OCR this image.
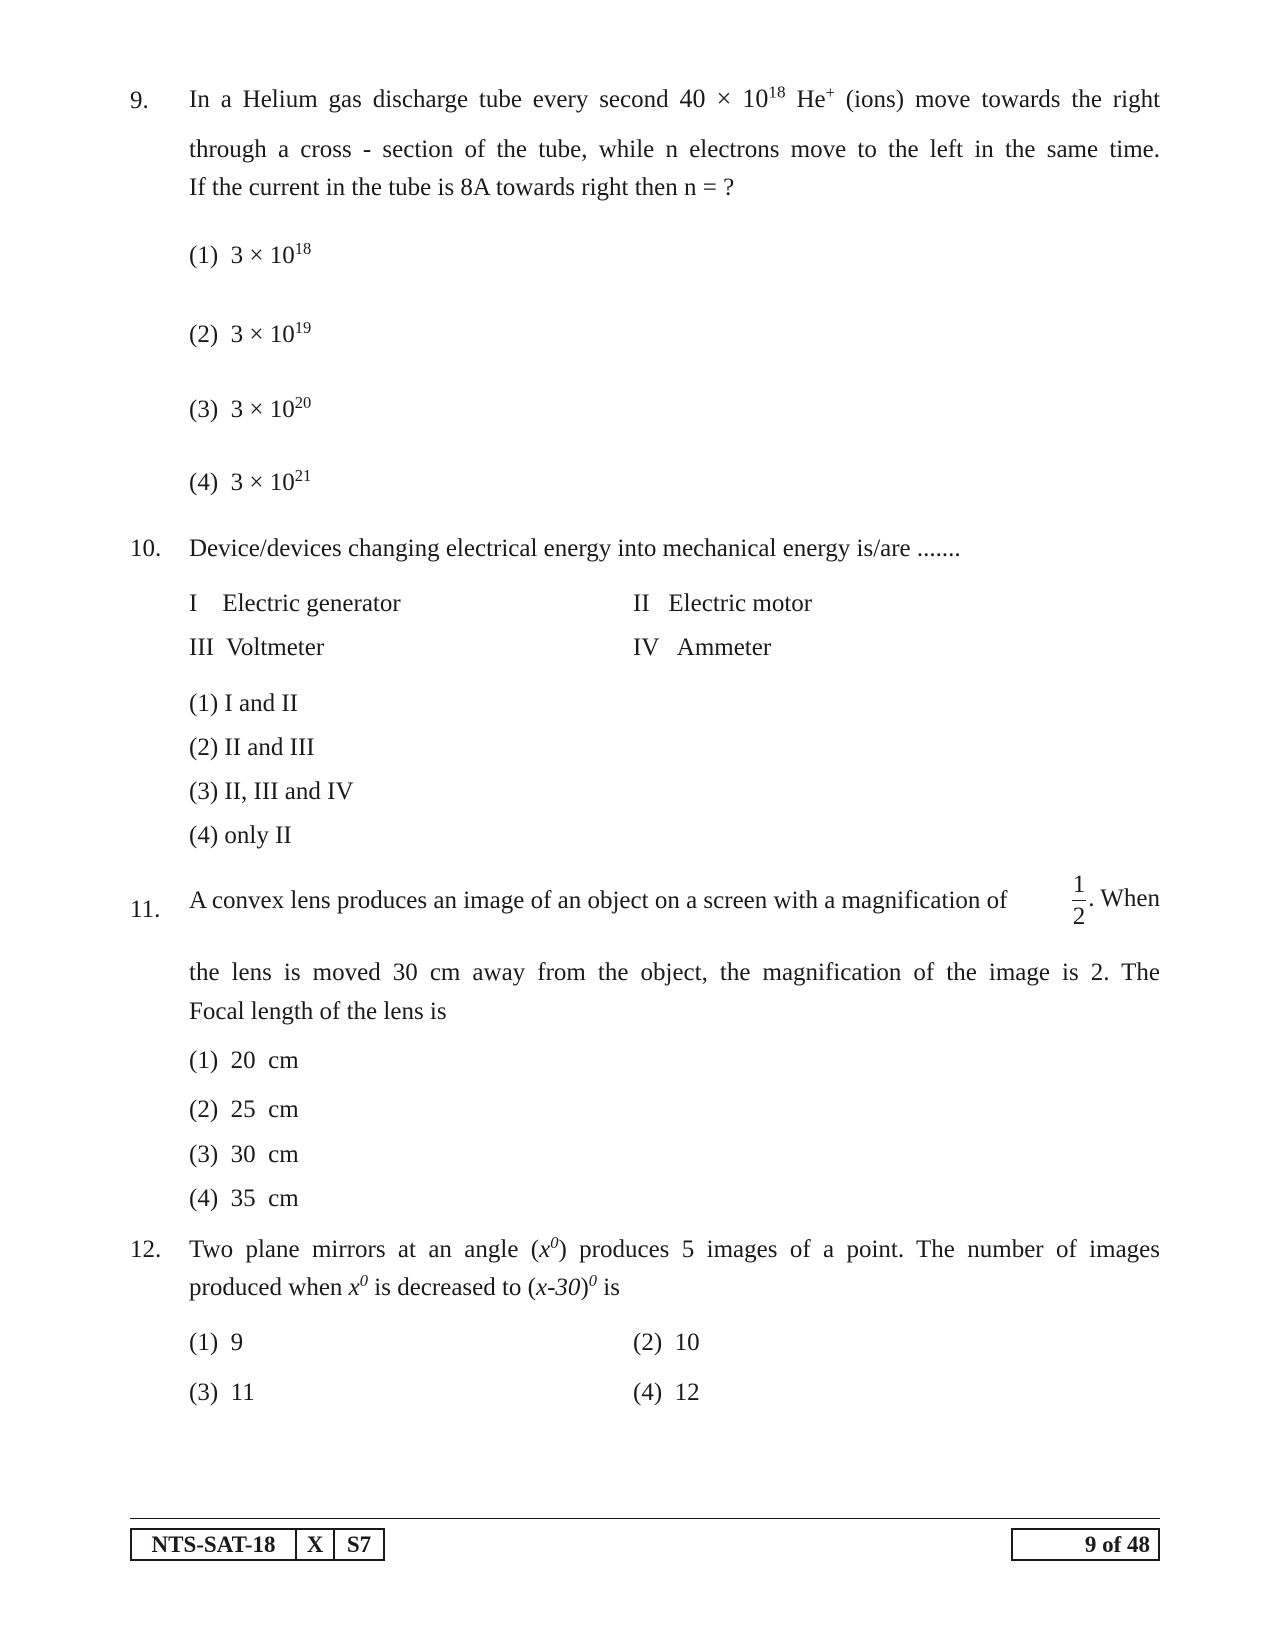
9. In a Helium gas discharge tube every second $40 \times 10^{18}$ He+ (ions) move towards the right
through a cross - section of the tube, while n electrons move to the left in the same time.
If the current in the tube is 8A towards right then n = ?
(1) $3 \times 10^{18}$
(2) $3 \times 10^{19}$
(3) $3 \times 10^{20}$
(4) $3 \times 10^{21}$
10. Device/devices changing electrical energy into mechanical energy is/are .......
I Electric generator	II Electric motor
III Voltmeter	IV Ammeter
(1) I and II
(2) II and III
(3) II, III and IV
(4) only II
11. A convex lens produces an image of an object on a screen with a magnification of	$\frac{1}{2}$ . When
the lens is moved 30 cm away from the object, the magnification of the image is 2. The
Focal length of the lens is
(1)  20  cm
(2)  25  cm
(3)  30  cm
(4)  35  cm
12. Two plane mirrors at an angle $(x^0)$ produces 5 images of a point. The number of images
produced when $x^0$ is decreased to $(x-30)^0$ is
(1)  9	(2)  10
(3)  11	(4)  12
NTS-SAT-18	X	S7	9 of 48
